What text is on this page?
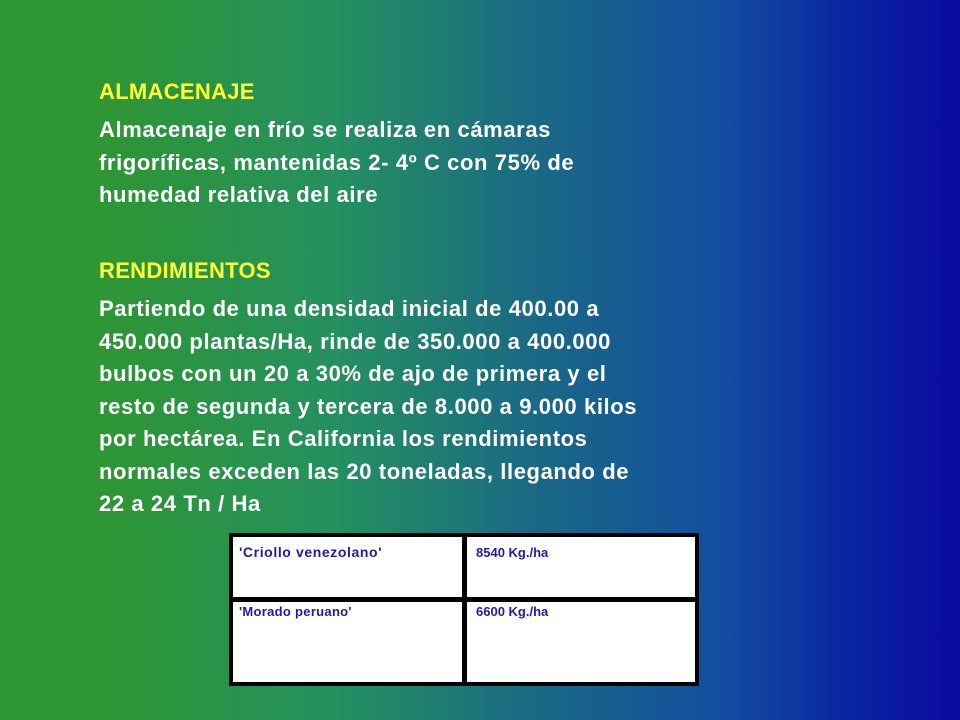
ALMACENAJE
Almacenaje en frío se realiza en cámaras
frigoríficas, mantenidas 2- 4º C con 75% de
humedad relativa del aire
RENDIMIENTOS
Partiendo de una densidad inicial de 400.00 a
450.000 plantas/Ha, rinde de 350.000 a 400.000
bulbos con un 20 a 30% de ajo de primera y el
resto de segunda y tercera de 8.000 a 9.000 kilos
por hectárea. En California los rendimientos
normales exceden las 20 toneladas, llegando de
22 a 24 Tn / Ha
'Criollo venezolano'	8540 Kg./ha
'Morado peruano'	6600 Kg./ha
